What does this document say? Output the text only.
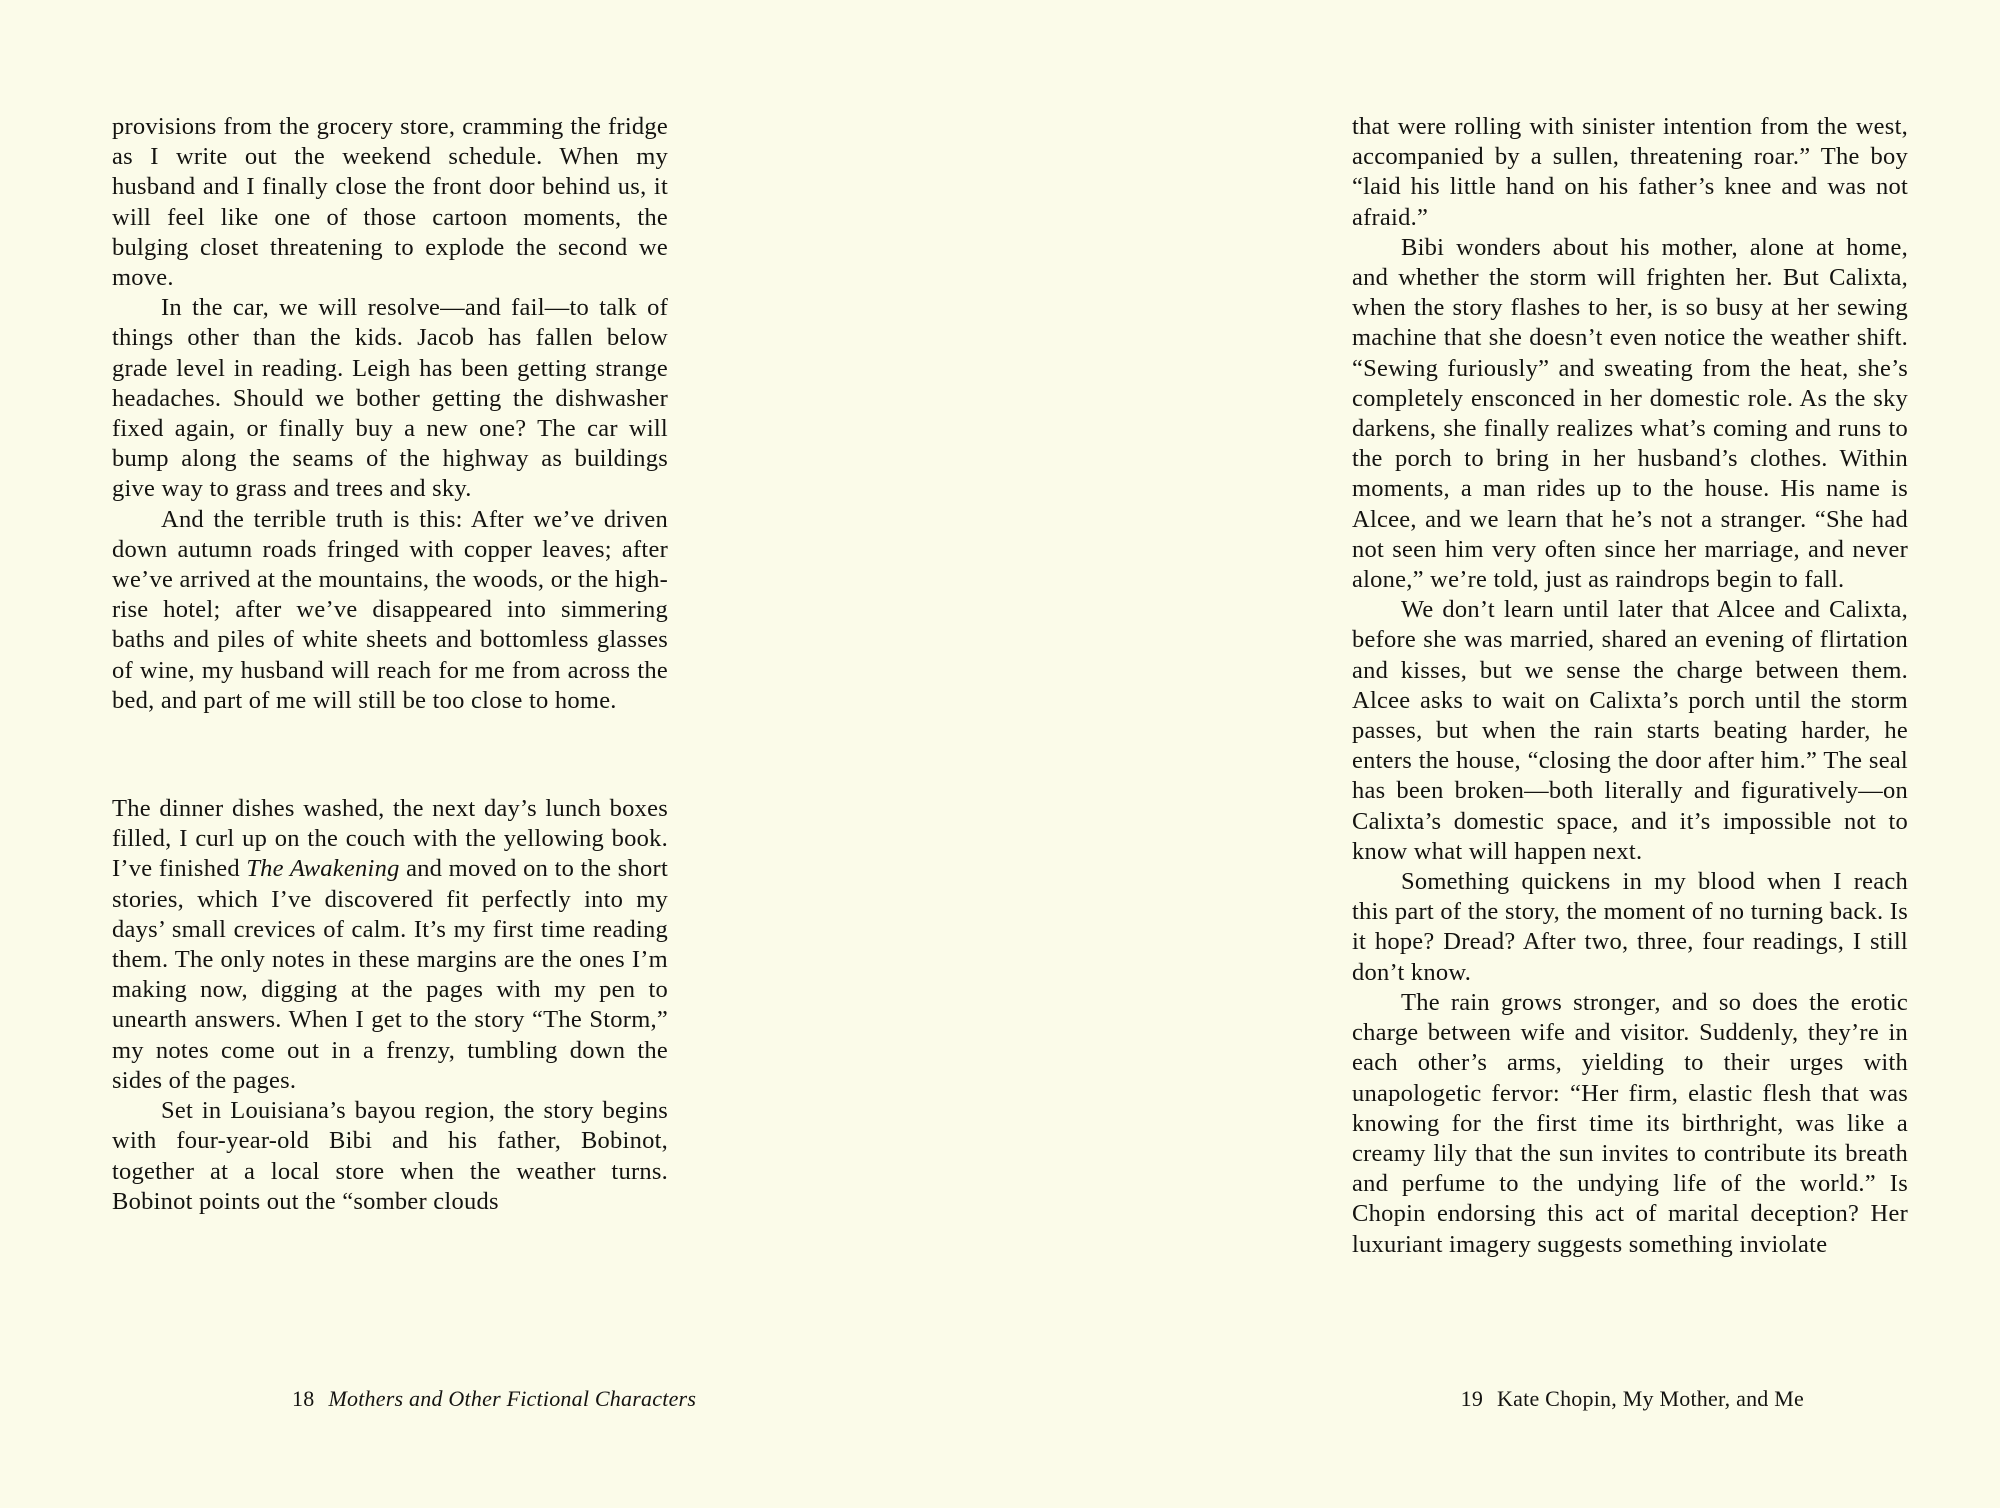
provisions from the grocery store, cramming the fridge as I write out the weekend schedule. When my husband and I finally close the front door behind us, it will feel like one of those cartoon moments, the bulging closet threatening to explode the second we move.

In the car, we will resolve—and fail—to talk of things other than the kids. Jacob has fallen below grade level in reading. Leigh has been getting strange headaches. Should we bother getting the dishwasher fixed again, or finally buy a new one? The car will bump along the seams of the highway as buildings give way to grass and trees and sky.

And the terrible truth is this: After we’ve driven down autumn roads fringed with copper leaves; after we’ve arrived at the mountains, the woods, or the high-rise hotel; after we’ve disappeared into simmering baths and piles of white sheets and bottomless glasses of wine, my husband will reach for me from across the bed, and part of me will still be too close to home.

The dinner dishes washed, the next day’s lunch boxes filled, I curl up on the couch with the yellowing book. I’ve finished The Awakening and moved on to the short stories, which I’ve discovered fit perfectly into my days’ small crevices of calm. It’s my first time reading them. The only notes in these margins are the ones I’m making now, digging at the pages with my pen to unearth answers. When I get to the story “The Storm,” my notes come out in a frenzy, tumbling down the sides of the pages.

Set in Louisiana’s bayou region, the story begins with four-year-old Bibi and his father, Bobinot, together at a local store when the weather turns. Bobinot points out the “somber clouds

18 Mothers and Other Fictional Characters

that were rolling with sinister intention from the west, accompanied by a sullen, threatening roar.” The boy “laid his little hand on his father’s knee and was not afraid.”

Bibi wonders about his mother, alone at home, and whether the storm will frighten her. But Calixta, when the story flashes to her, is so busy at her sewing machine that she doesn’t even notice the weather shift. “Sewing furiously” and sweating from the heat, she’s completely ensconced in her domestic role. As the sky darkens, she finally realizes what’s coming and runs to the porch to bring in her husband’s clothes. Within moments, a man rides up to the house. His name is Alcee, and we learn that he’s not a stranger. “She had not seen him very often since her marriage, and never alone,” we’re told, just as raindrops begin to fall.

We don’t learn until later that Alcee and Calixta, before she was married, shared an evening of flirtation and kisses, but we sense the charge between them. Alcee asks to wait on Calixta’s porch until the storm passes, but when the rain starts beating harder, he enters the house, “closing the door after him.” The seal has been broken—both literally and figuratively—on Calixta’s domestic space, and it’s impossible not to know what will happen next.

Something quickens in my blood when I reach this part of the story, the moment of no turning back. Is it hope? Dread? After two, three, four readings, I still don’t know.

The rain grows stronger, and so does the erotic charge between wife and visitor. Suddenly, they’re in each other’s arms, yielding to their urges with unapologetic fervor: “Her firm, elastic flesh that was knowing for the first time its birthright, was like a creamy lily that the sun invites to contribute its breath and perfume to the undying life of the world.” Is Chopin endorsing this act of marital deception? Her luxuriant imagery suggests something inviolate

19 Kate Chopin, My Mother, and Me
